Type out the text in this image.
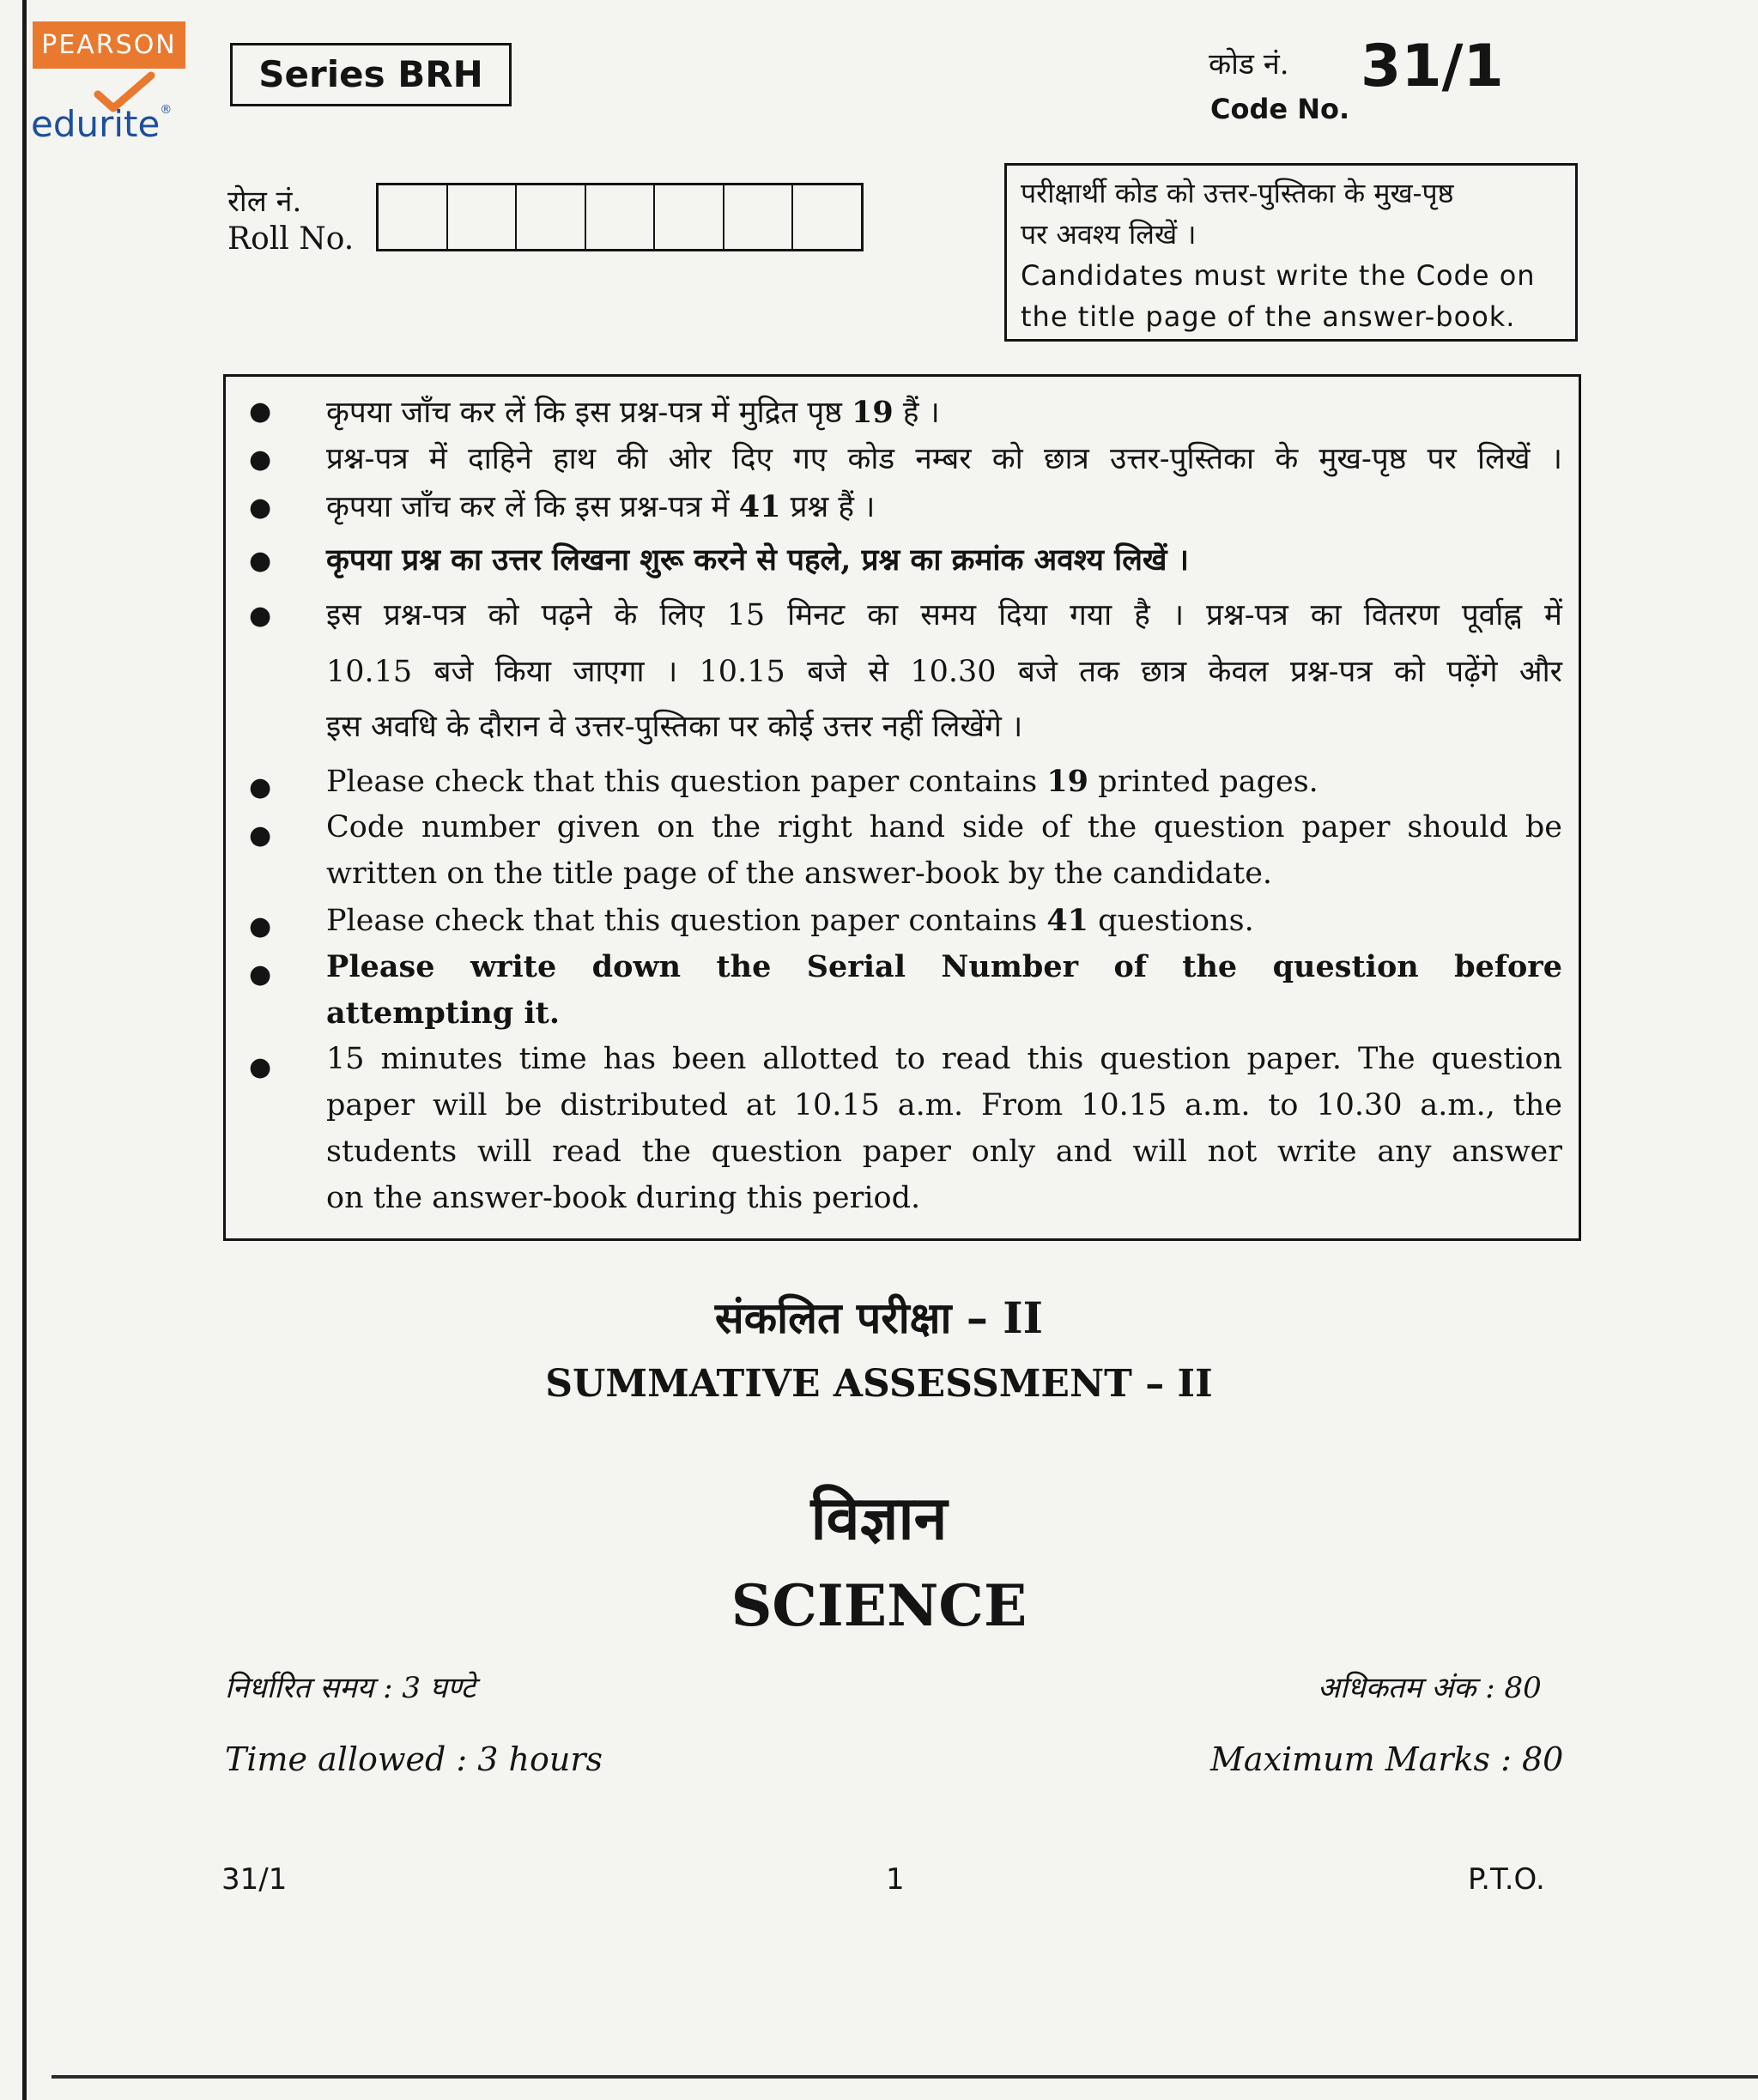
PEARSON
edurite®
Series BRH	कोड नं. 31/1
Code No.
रोल नं.
Roll No.
परीक्षार्थी कोड को उत्तर-पुस्तिका के मुख-पृष्ठ
पर अवश्य लिखें ।
Candidates must write the Code on
the title page of the answer-book.
● कृपया जाँच कर लें कि इस प्रश्न-पत्र में मुद्रित पृष्ठ 19 हैं ।
● प्रश्न-पत्र में दाहिने हाथ की ओर दिए गए कोड नम्बर को छात्र उत्तर-पुस्तिका के मुख-पृष्ठ पर लिखें ।
● कृपया जाँच कर लें कि इस प्रश्न-पत्र में 41 प्रश्न हैं ।
● कृपया प्रश्न का उत्तर लिखना शुरू करने से पहले, प्रश्न का क्रमांक अवश्य लिखें ।
● इस प्रश्न-पत्र को पढ़ने के लिए 15 मिनट का समय दिया गया है । प्रश्न-पत्र का वितरण पूर्वाह्न में
10.15 बजे किया जाएगा । 10.15 बजे से 10.30 बजे तक छात्र केवल प्रश्न-पत्र को पढ़ेंगे और
इस अवधि के दौरान वे उत्तर-पुस्तिका पर कोई उत्तर नहीं लिखेंगे ।
● Please check that this question paper contains 19 printed pages.
● Code number given on the right hand side of the question paper should be
written on the title page of the answer-book by the candidate.
● Please check that this question paper contains 41 questions.
● Please write down the Serial Number of the question before
attempting it.
● 15 minutes time has been allotted to read this question paper. The question
paper will be distributed at 10.15 a.m. From 10.15 a.m. to 10.30 a.m., the
students will read the question paper only and will not write any answer
on the answer-book during this period.
संकलित परीक्षा – II
SUMMATIVE ASSESSMENT – II
विज्ञान
SCIENCE
निर्धारित समय : 3 घण्टे	अधिकतम अंक : 80
Time allowed : 3 hours	Maximum Marks : 80
31/1	1	P.T.O.
